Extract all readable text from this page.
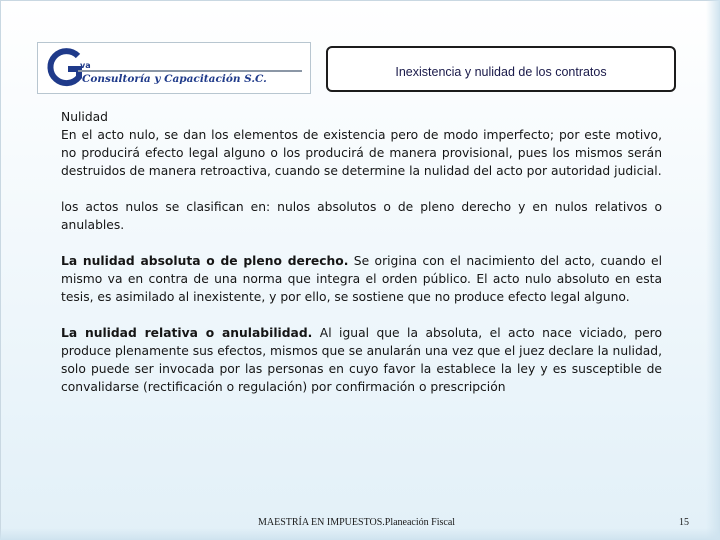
va
Consultoría y Capacitación S.C.	Inexistencia y nulidad de los contratos

Nulidad

En el acto nulo, se dan los elementos de existencia pero de modo imperfecto; por este motivo, no producirá efecto legal alguno o los producirá de manera provisional, pues los mismos serán destruidos de manera retroactiva, cuando se determine la nulidad del acto por autoridad judicial.

los actos nulos se clasifican en: nulos absolutos o de pleno derecho y en nulos relativos o anulables.

La nulidad absoluta o de pleno derecho. Se origina con el nacimiento del acto, cuando el mismo va en contra de una norma que integra el orden público. El acto nulo absoluto en esta tesis, es asimilado al inexistente, y por ello, se sostiene que no produce efecto legal alguno.

La nulidad relativa o anulabilidad. Al igual que la absoluta, el acto nace viciado, pero produce plenamente sus efectos, mismos que se anularán una vez que el juez declare la nulidad, solo puede ser invocada por las personas en cuyo favor la establece la ley y es susceptible de convalidarse (rectificación o regulación) por confirmación o prescripción

MAESTRÍA EN IMPUESTOS.Planeación Fiscal	15
